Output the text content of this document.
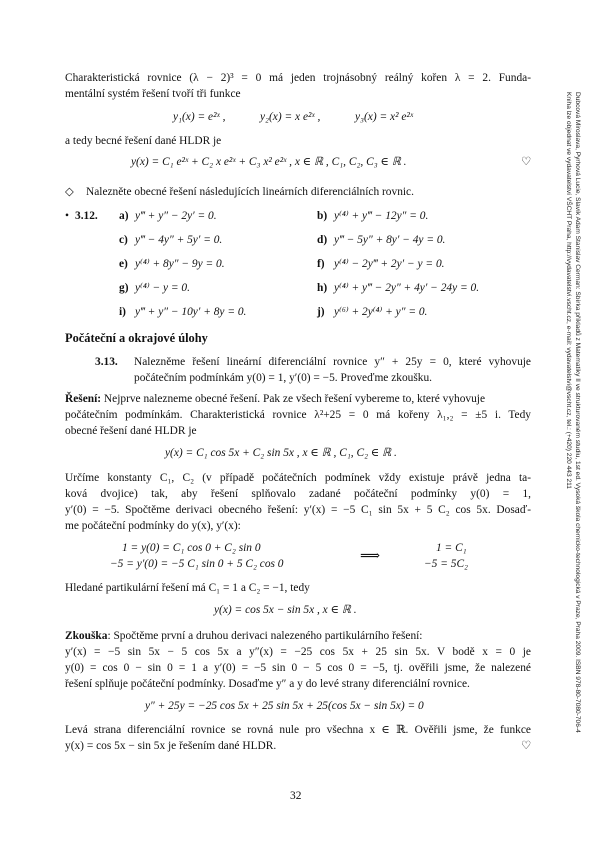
Dubcová Miroslava, Pyrhová Lucie, Slavík Adam Stanislav Cerman: Sbírka příkladů z Matematiky II ve strukturovaném studiu, 1st ed. Vysoká škola chemicko-technologická v Praze, Praha 2009. ISBN 978-80-7080-706-4
Kniha lze objednat ve vydavatelství VŠCHT Praha, http://vydavatelstvi.vscht.cz, e-mail: vydavatelstvi@vscht.cz, tel.: (+420) 220 443 211
Charakteristická rovnice (λ − 2)³ = 0 má jeden trojnásobný reálný kořen λ = 2. Funda-
mentální systém řešení tvoří tři funkce
y₁(x) = e²ˣ ,	y₂(x) = x e²ˣ ,	y₃(x) = x² e²ˣ
a tedy becné řešení dané HLDR je
y(x) = C₁ e²ˣ + C₂ x e²ˣ + C₃ x² e²ˣ , x ∈ ℝ , C₁, C₂, C₃ ∈ ℝ .	♡
◇ Nalezněte obecné řešení následujících lineárních diferenciálních rovnic.
• 3.12. a) y‴ + y″ − 2y′ = 0.	b) y⁽⁴⁾ + y‴ − 12y″ = 0.
c) y‴ − 4y″ + 5y′ = 0.	d) y‴ − 5y″ + 8y′ − 4y = 0.
e) y⁽⁴⁾ + 8y″ − 9y = 0.	f) y⁽⁴⁾ − 2y‴ + 2y′ − y = 0.
g) y⁽⁴⁾ − y = 0.	h) y⁽⁴⁾ + y‴ − 2y″ + 4y′ − 24y = 0.
i) y‴ + y″ − 10y′ + 8y = 0.	j) y⁽⁶⁾ + 2y⁽⁴⁾ + y″ = 0.
Počáteční a okrajové úlohy
3.13. Nalezněme řešení lineární diferenciální rovnice y″ + 25y = 0, které vyhovuje
počátečním podmínkám y(0) = 1, y′(0) = −5. Proveďme zkoušku.
Řešení: Nejprve nalezneme obecné řešení. Pak ze všech řešení vybereme to, které vyhovuje
počátečním podmínkám. Charakteristická rovnice λ²+25 = 0 má kořeny λ₁,₂ = ±5 i. Tedy
obecné řešení dané HLDR je
y(x) = C₁ cos 5x + C₂ sin 5x , x ∈ ℝ , C₁, C₂ ∈ ℝ .
Určíme konstanty C₁, C₂ (v případě počátečních podmínek vždy existuje právě jedna ta-
ková dvojice) tak, aby řešení splňovalo zadané počáteční podmínky y(0) = 1,
y′(0) = −5. Spočtěme derivaci obecného řešení: y′(x) = −5 C₁ sin 5x + 5 C₂ cos 5x. Dosaď-
me počáteční podmínky do y(x), y′(x):
1 = y(0) = C₁ cos 0 + C₂ sin 0
−5 = y′(0) = −5 C₁ sin 0 + 5 C₂ cos 0	⟹
1 = C₁
−5 = 5C₂
Hledané partikulární řešení má C₁ = 1 a C₂ = −1, tedy
y(x) = cos 5x − sin 5x , x ∈ ℝ .
Zkouška: Spočtěme první a druhou derivaci nalezeného partikulárního řešení:
y′(x) = −5 sin 5x − 5 cos 5x a y″(x) = −25 cos 5x + 25 sin 5x. V bodě x = 0 je
y(0) = cos 0 − sin 0 = 1 a y′(0) = −5 sin 0 − 5 cos 0 = −5, tj. ověřili jsme, že nalezené
řešení splňuje počáteční podmínky. Dosaďme y″ a y do levé strany diferenciální rovnice.
y″ + 25y = −25 cos 5x + 25 sin 5x + 25(cos 5x − sin 5x) = 0
Levá strana diferenciální rovnice se rovná nule pro všechna x ∈ ℝ. Ověřili jsme, že funkce
y(x) = cos 5x − sin 5x je řešením dané HLDR.	♡
32
